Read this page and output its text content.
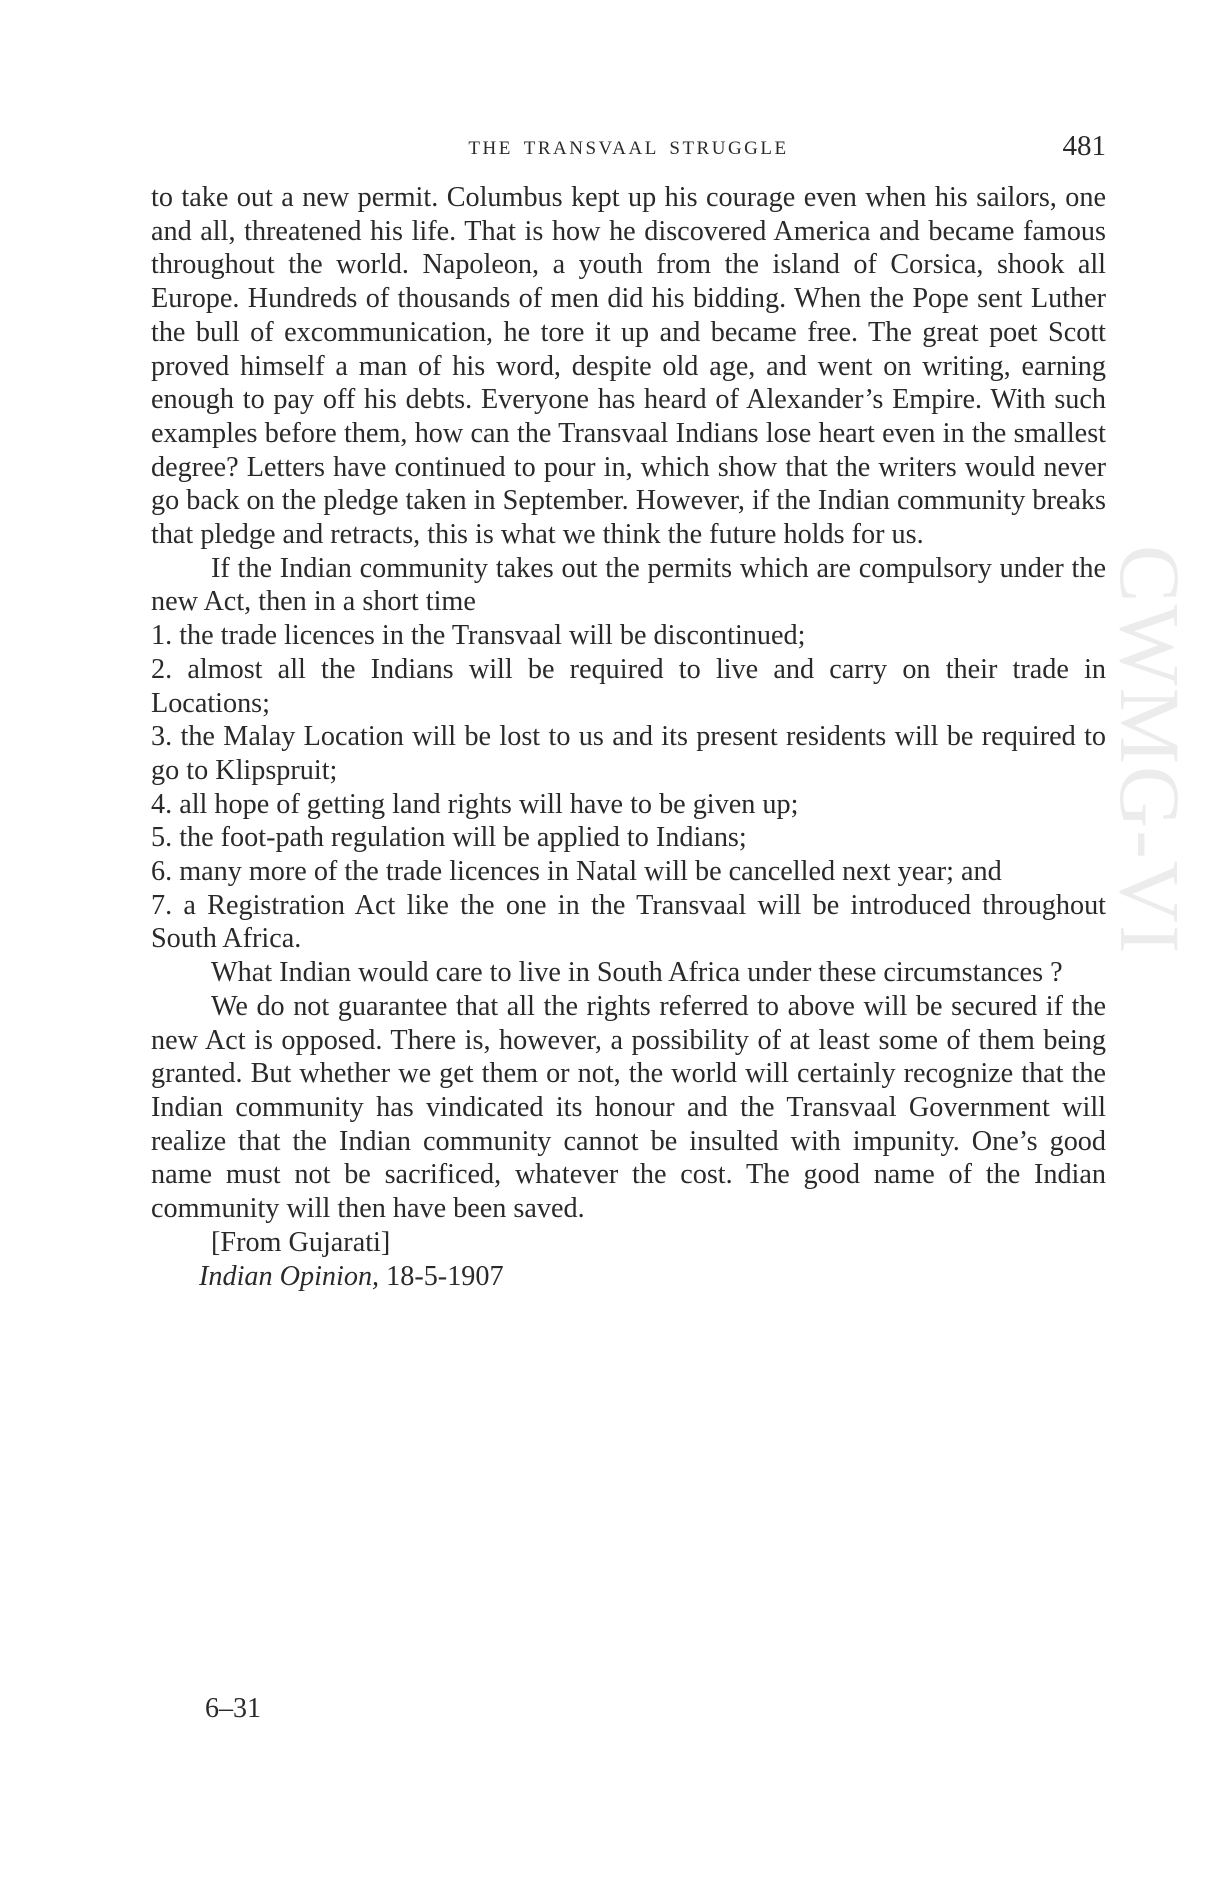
THE TRANSVAAL STRUGGLE	481
CWMG-VI

to take out a new permit. Columbus kept up his courage even when his sailors, one and all, threatened his life. That is how he discovered America and became famous throughout the world. Napoleon, a youth from the island of Corsica, shook all Europe. Hundreds of thousands of men did his bidding. When the Pope sent Luther the bull of excommunication, he tore it up and became free. The great poet Scott proved himself a man of his word, despite old age, and went on writing, earning enough to pay off his debts. Everyone has heard of Alexander’s Empire. With such examples before them, how can the Transvaal Indians lose heart even in the smallest degree? Letters have continued to pour in, which show that the writers would never go back on the pledge taken in September. However, if the Indian community breaks that pledge and retracts, this is what we think the future holds for us.

If the Indian community takes out the permits which are compulsory under the new Act, then in a short time

1. the trade licences in the Transvaal will be discontinued;

2. almost all the Indians will be required to live and carry on their trade in Locations;

3. the Malay Location will be lost to us and its present residents will be required to go to Klipspruit;

4. all hope of getting land rights will have to be given up;

5. the foot-path regulation will be applied to Indians;

6. many more of the trade licences in Natal will be cancelled next year; and

7. a Registration Act like the one in the Transvaal will be introduced throughout South Africa.

What Indian would care to live in South Africa under these circumstances ?

We do not guarantee that all the rights referred to above will be secured if the new Act is opposed. There is, however, a possibility of at least some of them being granted. But whether we get them or not, the world will certainly recognize that the Indian community has vindicated its honour and the Transvaal Government will realize that the Indian community cannot be insulted with impunity. One’s good name must not be sacrificed, whatever the cost. The good name of the Indian community will then have been saved.

[From Gujarati]

Indian Opinion, 18-5-1907

6–31
